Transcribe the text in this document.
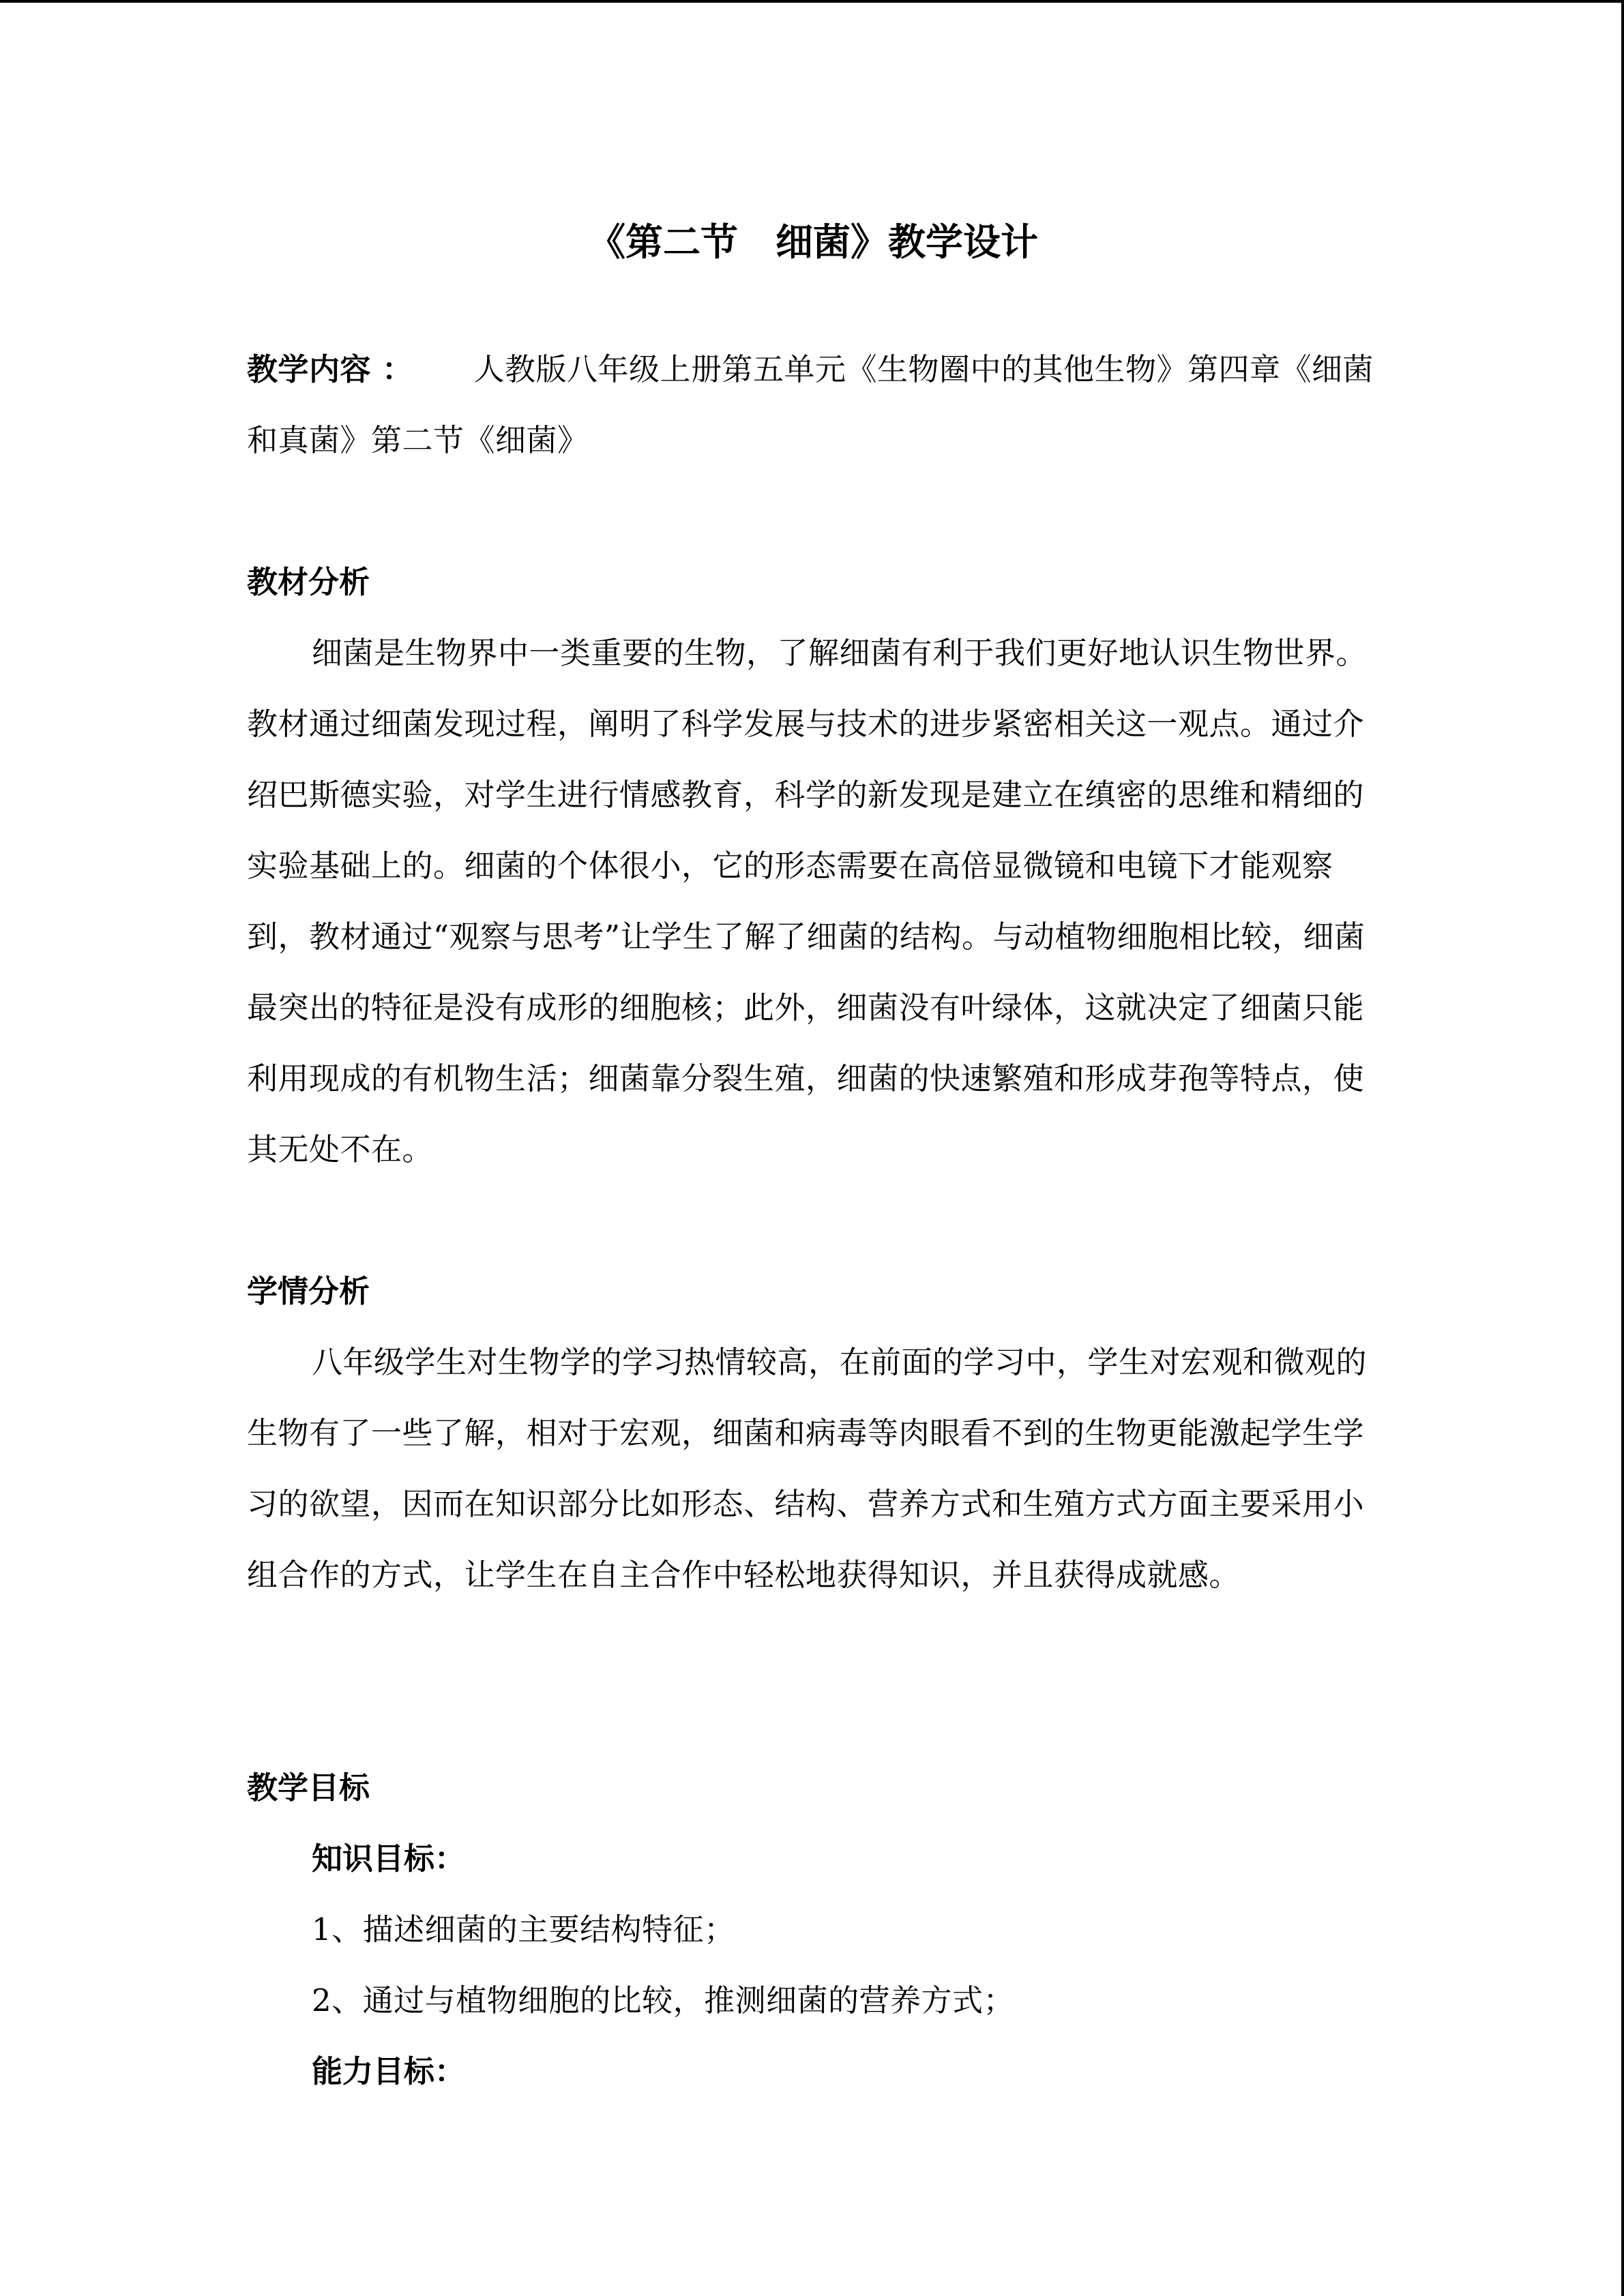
《第二节　细菌》教学设计

教学内容 ： 人教版八年级上册第五单元《生物圈中的其他生物》第四章《细菌和真菌》第二节《细菌》

教材分析

细菌是生物界中一类重要的生物，了解细菌有利于我们更好地认识生物世界。教材通过细菌发现过程，阐明了科学发展与技术的进步紧密相关这一观点。通过介绍巴斯德实验，对学生进行情感教育，科学的新发现是建立在缜密的思维和精细的实验基础上的。细菌的个体很小，它的形态需要在高倍显微镜和电镜下才能观察到，教材通过“观察与思考”让学生了解了细菌的结构。与动植物细胞相比较，细菌最突出的特征是没有成形的细胞核；此外，细菌没有叶绿体，这就决定了细菌只能利用现成的有机物生活；细菌靠分裂生殖，细菌的快速繁殖和形成芽孢等特点，使其无处不在。

学情分析

八年级学生对生物学的学习热情较高，在前面的学习中，学生对宏观和微观的生物有了一些了解，相对于宏观，细菌和病毒等肉眼看不到的生物更能激起学生学习的欲望，因而在知识部分比如形态、结构、营养方式和生殖方式方面主要采用小组合作的方式，让学生在自主合作中轻松地获得知识，并且获得成就感。

教学目标

知识目标：

1、描述细菌的主要结构特征；

2、通过与植物细胞的比较，推测细菌的营养方式；

能力目标：
